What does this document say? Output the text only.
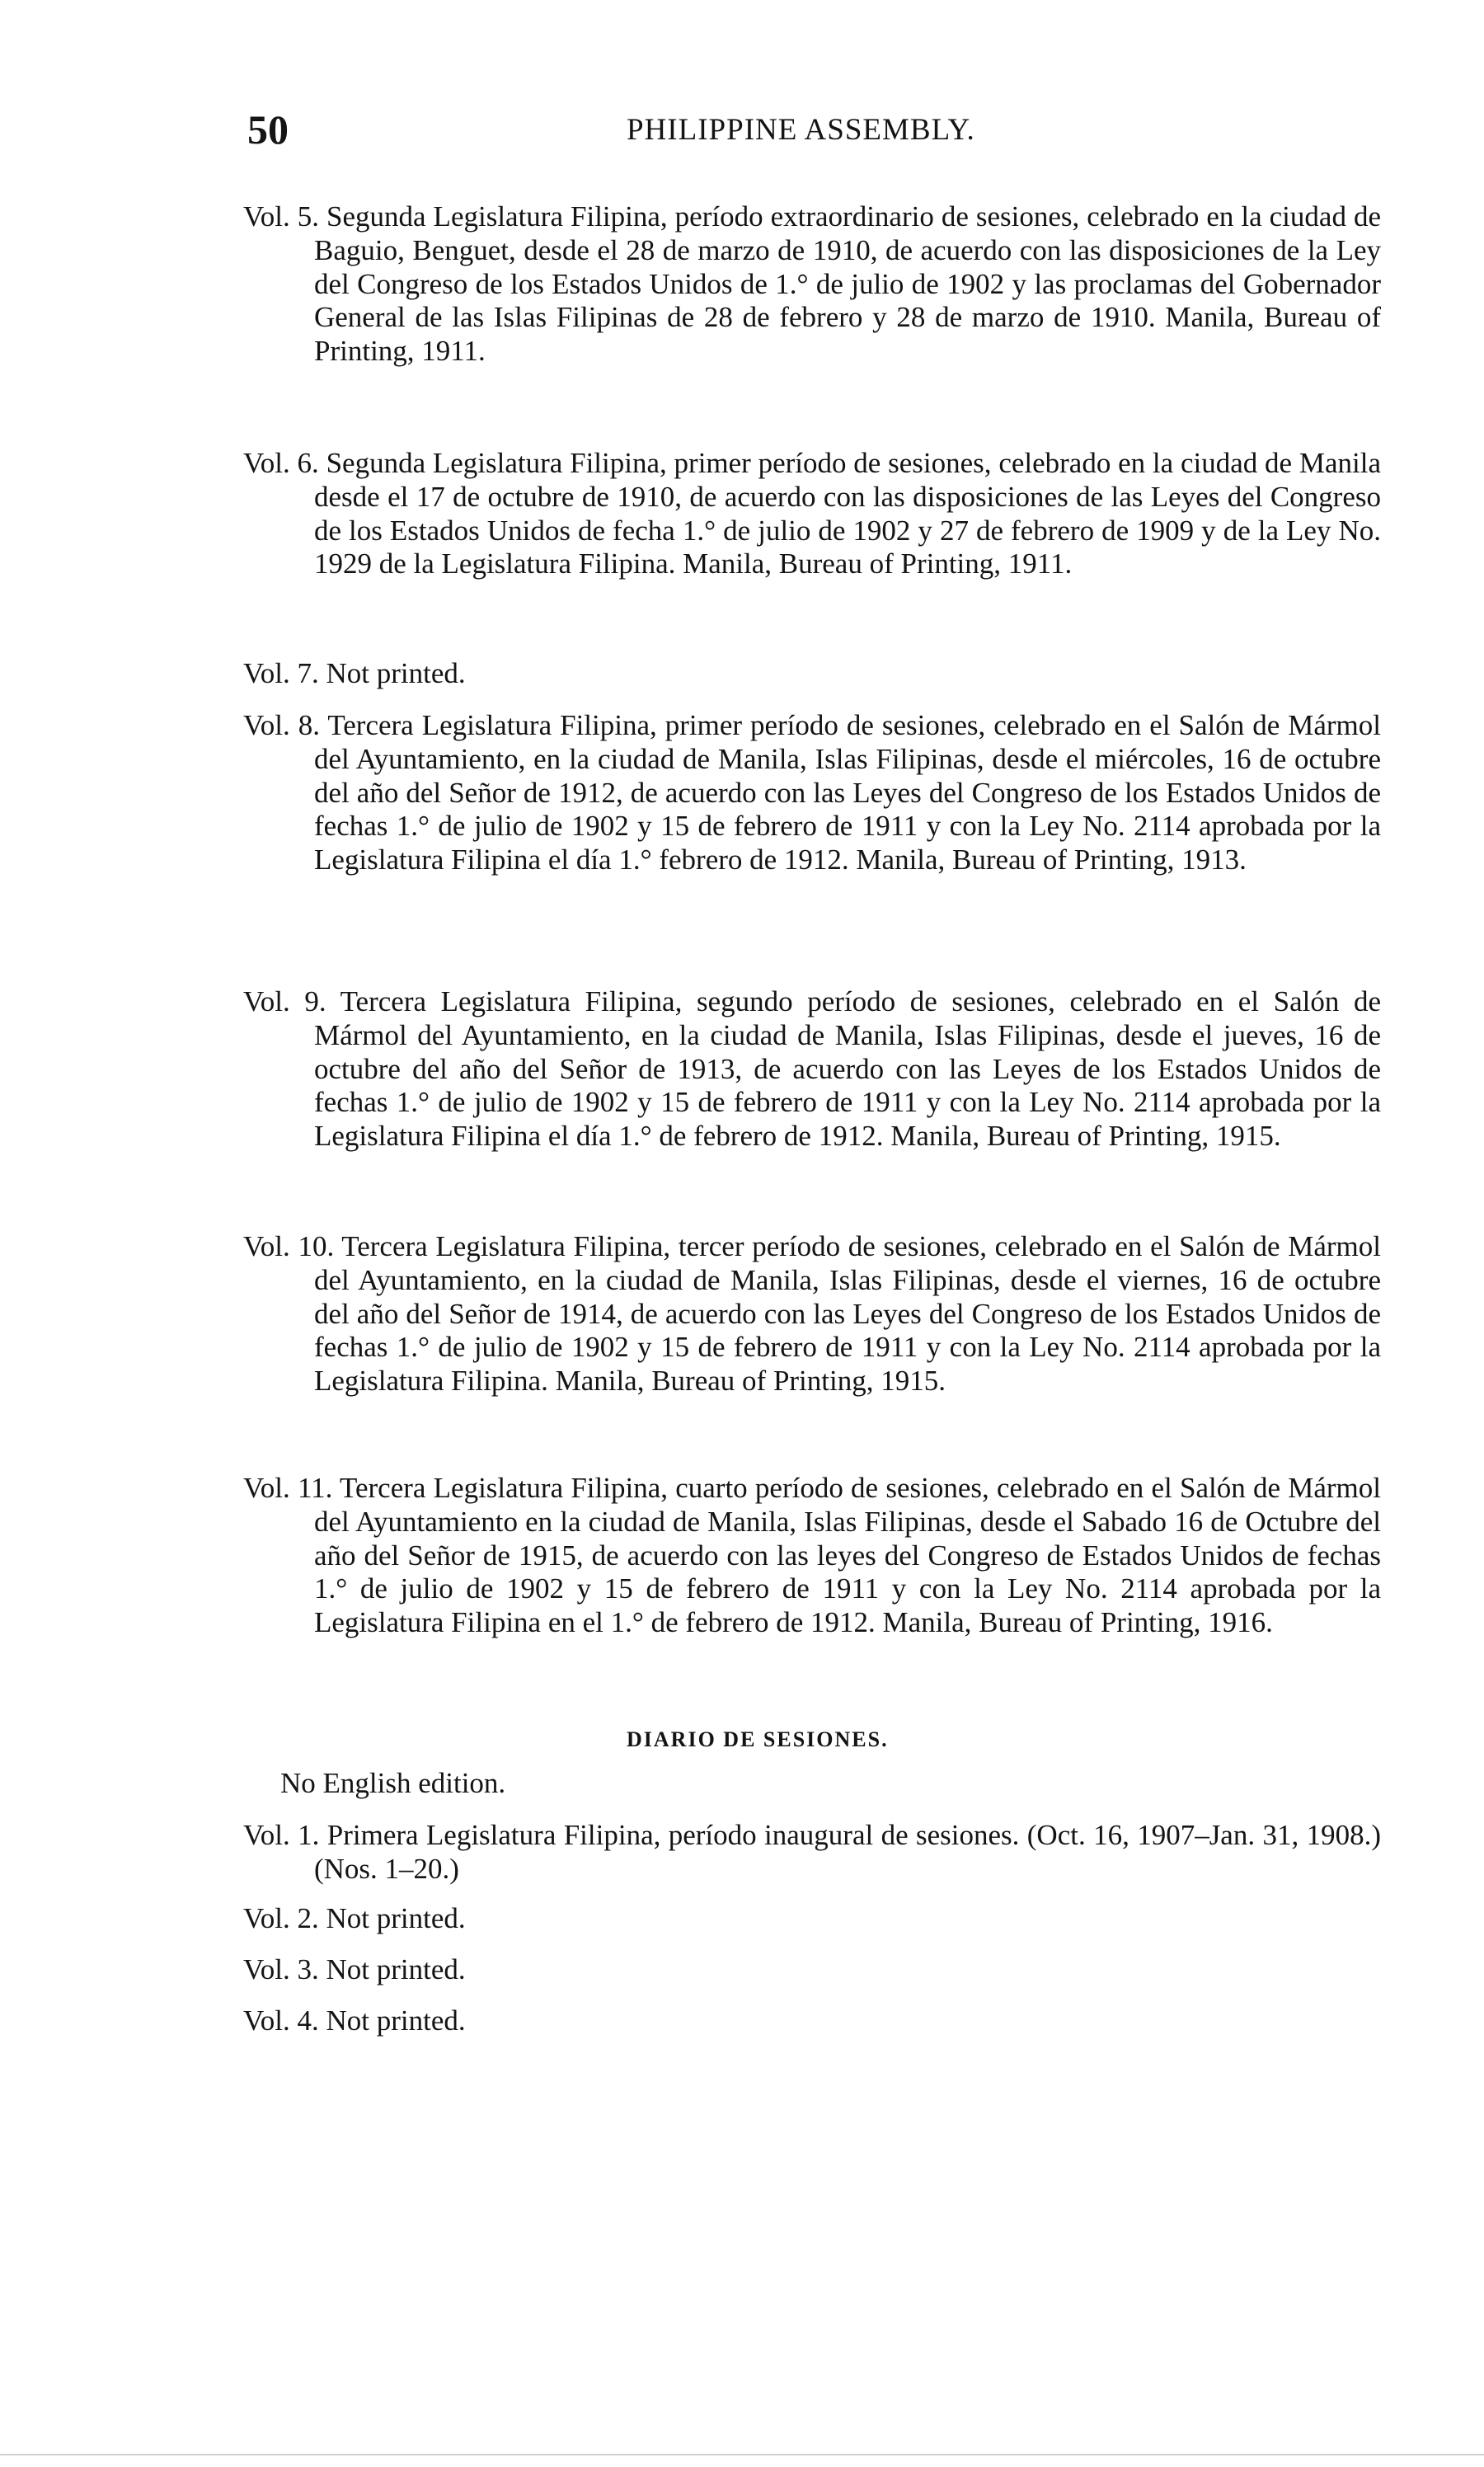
50	PHILIPPINE ASSEMBLY.
Vol. 5. Segunda Legislatura Filipina, período extraordinario de sesiones, celebrado en la ciudad de Baguio, Benguet, desde el 28 de marzo de 1910, de acuerdo con las disposiciones de la Ley del Congreso de los Estados Unidos de 1.° de julio de 1902 y las proclamas del Gobernador General de las Islas Filipinas de 28 de febrero y 28 de marzo de 1910. Manila, Bureau of Printing, 1911.
Vol. 6. Segunda Legislatura Filipina, primer período de sesiones, celebrado en la ciudad de Manila desde el 17 de octubre de 1910, de acuerdo con las disposiciones de las Leyes del Congreso de los Estados Unidos de fecha 1.° de julio de 1902 y 27 de febrero de 1909 y de la Ley No. 1929 de la Legislatura Filipina. Manila, Bureau of Printing, 1911.
Vol. 7. Not printed.
Vol. 8. Tercera Legislatura Filipina, primer período de sesiones, celebrado en el Salón de Mármol del Ayuntamiento, en la ciudad de Manila, Islas Filipinas, desde el miércoles, 16 de octubre del año del Señor de 1912, de acuerdo con las Leyes del Congreso de los Estados Unidos de fechas 1.° de julio de 1902 y 15 de febrero de 1911 y con la Ley No. 2114 aprobada por la Legislatura Filipina el día 1.° febrero de 1912. Manila, Bureau of Printing, 1913.
Vol. 9. Tercera Legislatura Filipina, segundo período de sesiones, celebrado en el Salón de Mármol del Ayuntamiento, en la ciudad de Manila, Islas Filipinas, desde el jueves, 16 de octubre del año del Señor de 1913, de acuerdo con las Leyes de los Estados Unidos de fechas 1.° de julio de 1902 y 15 de febrero de 1911 y con la Ley No. 2114 aprobada por la Legislatura Filipina el día 1.° de febrero de 1912. Manila, Bureau of Printing, 1915.
Vol. 10. Tercera Legislatura Filipina, tercer período de sesiones, celebrado en el Salón de Mármol del Ayuntamiento, en la ciudad de Manila, Islas Filipinas, desde el viernes, 16 de octubre del año del Señor de 1914, de acuerdo con las Leyes del Congreso de los Estados Unidos de fechas 1.° de julio de 1902 y 15 de febrero de 1911 y con la Ley No. 2114 aprobada por la Legislatura Filipina. Manila, Bureau of Printing, 1915.
Vol. 11. Tercera Legislatura Filipina, cuarto período de sesiones, celebrado en el Salón de Mármol del Ayuntamiento en la ciudad de Manila, Islas Filipinas, desde el Sabado 16 de Octubre del año del Señor de 1915, de acuerdo con las leyes del Congreso de Estados Unidos de fechas 1.° de julio de 1902 y 15 de febrero de 1911 y con la Ley No. 2114 aprobada por la Legislatura Filipina en el 1.° de febrero de 1912. Manila, Bureau of Printing, 1916.
DIARIO DE SESIONES.
No English edition.
Vol. 1. Primera Legislatura Filipina, período inaugural de sesiones. (Oct. 16, 1907–Jan. 31, 1908.) (Nos. 1–20.)
Vol. 2. Not printed.
Vol. 3. Not printed.
Vol. 4. Not printed.
